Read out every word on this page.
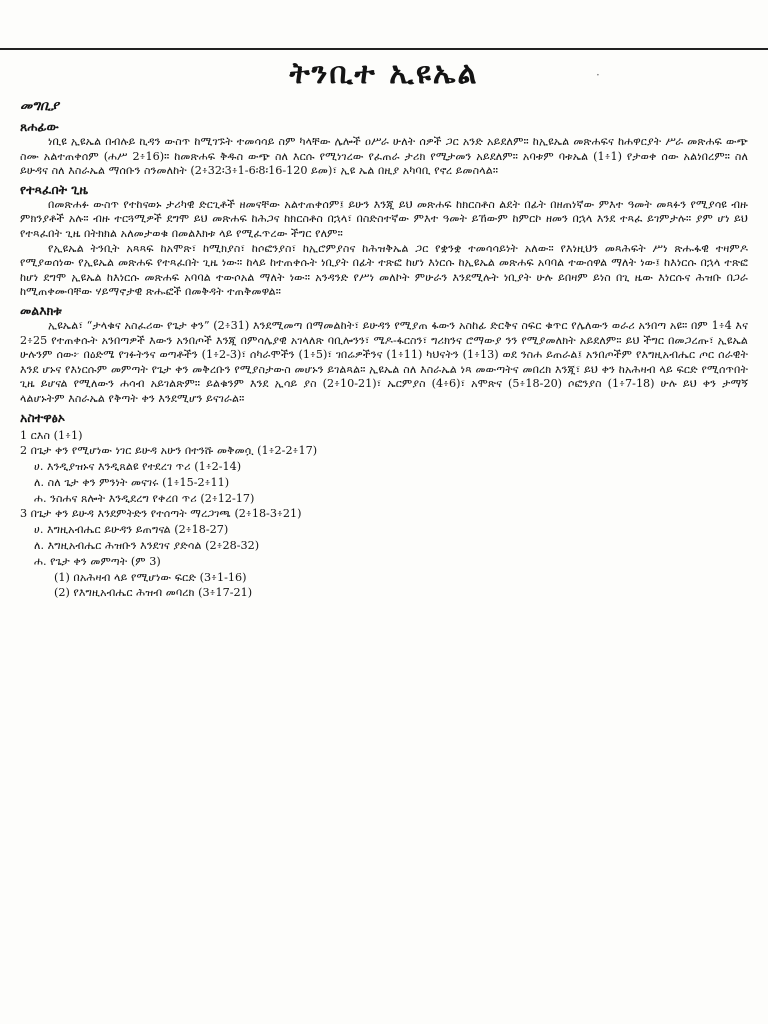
·
ትንቢተ ኢዩኤል
መግቢያ
ጸሐፊው

ነቢዩ ኢዩኤል በብሉይ ኪዳን ውስጥ ከሚገኙት ተመሳሳይ ስም ካላቸው ሌሎች ዐሥራ ሁለት ሰዎች ጋር አንድ አይደለም። ከኢዩኤል መጽሐፍና ከሐዋርያት ሥራ መጽሐፍ ውጭ ስሙ አልተጠቀሰም (ሐሥ 2፥16)። ከመጽሐፍ ቅዱስ ውጭ ስለ እርሱ የሚነገረው የፈጠራ ታሪክ የሚታመን አይደለም። አባቱም ባቱኤል (1፥1) የታወቀ ሰው አልነበረም። ስለ ይሁዳና ስለ እስራኤል ማሰቡን ስንመለከት (2፥32፡3፥1-6፡8፡16-120 ይመ)፣ ኢዩ ኤል በዚያ አካባቢ የኖረ ይመስላል።

የተጻፈበት ጊዜ

በመጽሐፉ ውስጥ የተከናወኑ ታሪካዊ ድርጊቶች ዘመናቸው አልተጠቀሰም፤ ይሁን እንጂ ይህ መጽሐፍ ከክርስቶስ ልደት በፊት በዘጠነኛው ምእተ ዓመት መጻፉን የሚያሳዩ ብዙ ምክንያቶች አሉ። ብዙ ተርጓሚዎች ደግሞ ይህ መጽሐፍ ከሕጋና ከክርስቶስ በኋላ፣ በስድስተኛው ምእተ ዓመት ይኸውም ከምርኮ ዘመን በኋላ እንደ ተጻፈ ይገምታሉ። ያም ሆነ ይህ የተጻፈበት ጊዜ በትክክል አለመታወቁ በመልእክቱ ላይ የሚፈጥረው ችግር የለም።

የኢዩኤል ትንቢት አጻጻፍ ከአሞጽ፣ ከሚክያስ፣ ከሶፎንያስ፣ ከኢሮምያስና ከሕዝቅኤል ጋር የቋንቋ ተመሳሳይነት አለው። የእነዚህን መጻሕፍት ሥነ ጽሑፋዊ ተዛምዶ የሚያወሰነው የኢዩኤል መጽሐፍ የተጻፈበት ጊዜ ነው። ከላይ ከተጠቀሱት ነቢያት በፊት ተጽፎ ከሆነ እነርሱ ከኢዩኤል መጽሐፍ አባባል ተውሰዋል ማለት ነው፤ ከእነርሱ በኋላ ተጽፎ ከሆነ ደግሞ ኢዩኤል ከእነርሱ መጽሐፍ አባባል ተውሶአል ማለት ነው። አንዳንድ የሥነ መለኮት ምሁራን እንደሚሉት ነቢያት ሁሉ ይበዛም ይነስ በጊ ዜው እነርሱና ሕዝቡ በጋራ ከሚጠቀሙባቸው ሃይማኖታዊ ጽሑፎች በመቅዳት ተጠቅመዋል።

መልእክቱ

ኢዩኤል፣ “ታላቁና አስፈሪው የጌታ ቀን” (2፥31) እንደሚመጣ በማመልከት፣ ይሁዳን የሚያጠ ፋውን አስከፊ ድርቅና ስፍር ቁጥር የሌለውን ወራሪ አንበጣ አዩ። በም 1፥4 እና 2፥25 የተጠቀሱት አንበጣዎች እውን አንበጦች እንጂ በምሳሌያዊ አገላለጽ ባቢሎንን፣ ሜዶ-ፋርስን፣ ግሪክንና ሮማውያ ንን የሚያመለክት አይደለም። ይህ ችግር በመጋረጡ፣ ኢዩኤል ሁሉንም ሰው፦ በዕድሜ የገፉትንና ወጣቶችን (1፥2-3)፣ ሰካራሞችን (1፥5)፣ ገበሬዎችንና (1፥11) ካህናትን (1፥13) ወደ ንስሐ ይጠራል፤ አንበጦችም የእግዚአብሔር ጦር ሰራዊት እንደ ሆኑና የእነርሱም መምጣት የጌታ ቀን መቅረቡን የሚያስታውስ መሆኑን ይገልጻል። ኢዩኤል ስለ እስራኤል ነጻ መውጣትና መበረክ እንጂ፣ ይህ ቀን ከአሕዛብ ላይ ፍርድ የሚሰጥበት ጊዜ ይሆናል የሚለውን ሐሳብ አይገልጽም። ይልቁንም እንደ ኢሳይ ያስ (2፥10-21)፣ ኤርምያስ (4፥6)፣ አሞጽና (5፥18-20) ሶፎንያስ (1፥7-18) ሁሉ ይህ ቀን ታማኝ ላልሆኑትም እስራኤል የቅጣት ቀን እንደሚሆን ይናገራል።

አስተዋፅኦ
1 ርእስ (1፥1)
2 በጌታ ቀን የሚሆነው ነገር ይሁዳ አሁን በተንሹ መቅመሷ (1፥2-2፥17)
ሀ. እንዲያዝኑና እንዲጸልዩ የተደረገ ጥሪ (1፥2-14)
ለ. ስለ ጌታ ቀን ምንነት መናገሩ (1፥15-2፥11)
ሐ. ንስሐና ጸሎት እንዲደረግ የቀረበ ጥሪ (2፥12-17)
3 በጌታ ቀን ይሁዳ እንደምትድን የተሰጣት ማረጋገጫ (2፥18-3፥21)
ሀ. እግዚአብሔር ይሁዳን ይጠግናል (2፥18-27)
ለ. እግዚአብሔር ሕዝቡን እንደገና ያድሳል (2፥28-32)
ሐ. የጌታ ቀን መምጣት (ም 3)
(1) በአሕዛብ ላይ የሚሆነው ፍርድ (3፥1-16)
(2) የእግዚአብሔር ሕዝብ መባረክ (3፥17-21)
